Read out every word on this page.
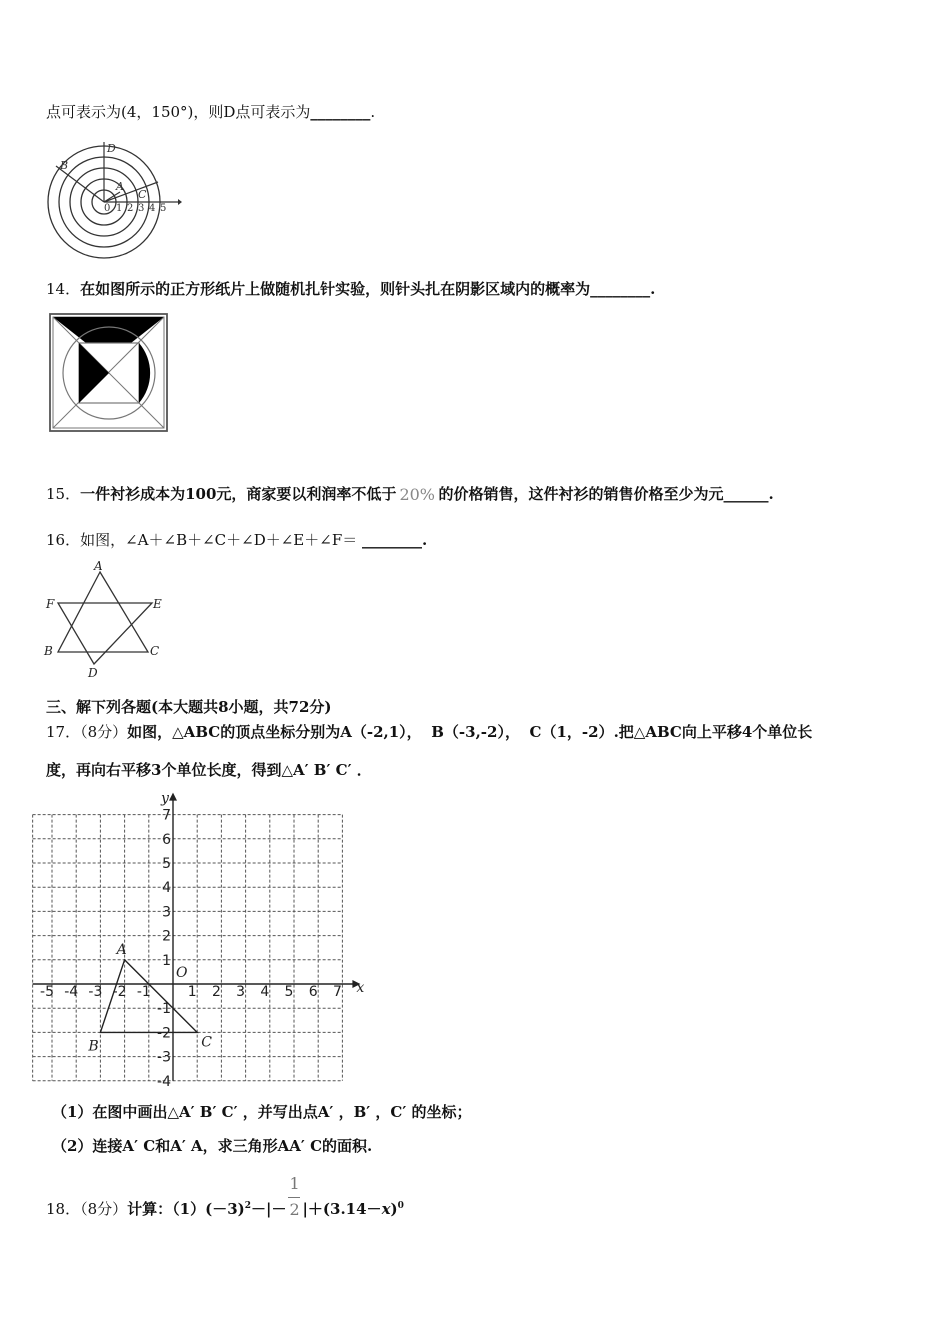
点可表示为(4，150°)，则D点可表示为________.
D
B
A
C
0 1 2 3 4 5
14．在如图所示的正方形纸片上做随机扎针实验，则针头扎在阴影区域内的概率为________.
15．一件衬衫成本为100元，商家要以利润率不低于 20% 的价格销售，这件衬衫的销售价格至少为元______.
16．如图，∠A＋∠B＋∠C＋∠D＋∠E＋∠F＝ ________.
A
F	E
B	C
D
三、解下列各题(本大题共8小题，共72分)
17．（8分）如图，△ABC的顶点坐标分别为A（-2,1）， B（-3,-2）， C（1，-2）.把△ABC向上平移4个单位长
度，再向右平移3个单位长度，得到△A′ B′ C′ ．
x
y
O
-5 -4 -3 -2 -1	1 2 3 4 5 6 7
7
6
5
4
3
2
1
-1
-2
-3
-4
A
B	C
（1）在图中画出△A′ B′ C′ ，并写出点A′ ，B′ ，C′ 的坐标；
（2）连接A′ C和A′ A，求三角形AA′ C的面积.
18．（8分）计算：$(1)(-3)^2-|- \frac{1}{2} |+(3.14-x)^0$
